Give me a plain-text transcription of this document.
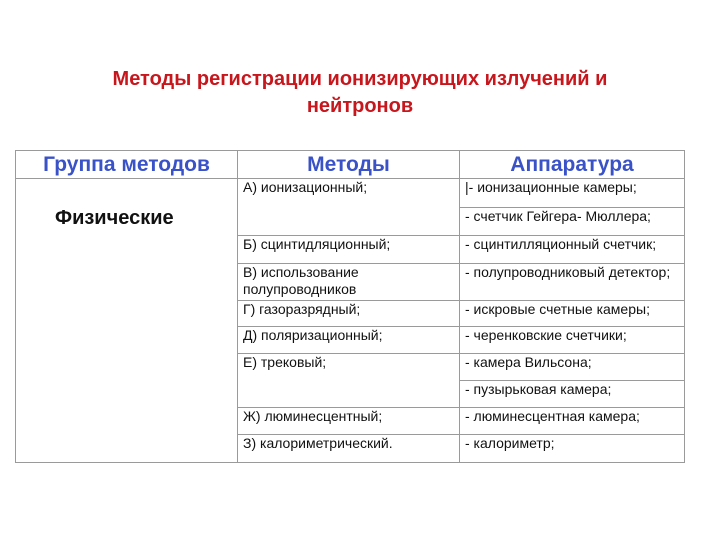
Методы регистрации ионизирующих излучений и
нейтронов
Группа методов	Методы	Аппаратура

Физические	А) ионизационный;	|- ионизационные камеры;
		- счетчик Гейгера- Мюллера;
	Б) сцинтидляционный;	- сцинтилляционный счетчик;
	В) использование полупроводников	- полупроводниковый детектор;
	Г) газоразрядный;	- искровые счетные камеры;
	Д) поляризационный;	- черенковские счетчики;
	Е) трековый;	- камера Вильсона;
		- пузырьковая камера;
	Ж) люминесцентный;	- люминесцентная камера;
	З) калориметрический.	- калориметр;
